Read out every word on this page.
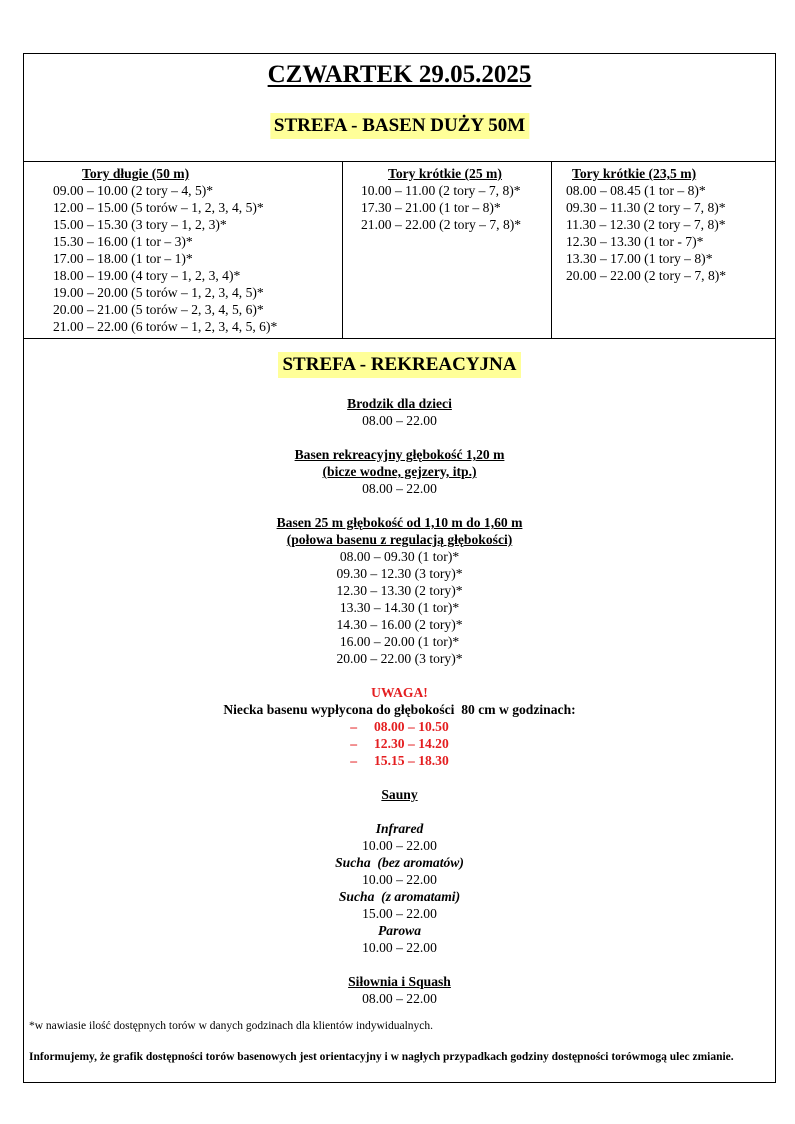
CZWARTEK 29.05.2025
STREFA - BASEN DUŻY 50M
Tory długie (50 m)
09.00 – 10.00 (2 tory – 4, 5)*
12.00 – 15.00 (5 torów – 1, 2, 3, 4, 5)*
15.00 – 15.30 (3 tory – 1, 2, 3)*
15.30 – 16.00 (1 tor – 3)*
17.00 – 18.00 (1 tor – 1)*
18.00 – 19.00 (4 tory – 1, 2, 3, 4)*
19.00 – 20.00 (5 torów – 1, 2, 3, 4, 5)*
20.00 – 21.00 (5 torów – 2, 3, 4, 5, 6)*
21.00 – 22.00 (6 torów – 1, 2, 3, 4, 5, 6)*
Tory krótkie (25 m)
10.00 – 11.00 (2 tory – 7, 8)*
17.30 – 21.00 (1 tor – 8)*
21.00 – 22.00 (2 tory – 7, 8)*
Tory krótkie (23,5 m)
08.00 – 08.45 (1 tor – 8)*
09.30 – 11.30 (2 tory – 7, 8)*
11.30 – 12.30 (2 tory – 7, 8)*
12.30 – 13.30 (1 tor - 7)*
13.30 – 17.00 (1 tory – 8)*
20.00 – 22.00 (2 tory – 7, 8)*
STREFA - REKREACYJNA
Brodzik dla dzieci
08.00 – 22.00
Basen rekreacyjny głębokość 1,20 m
(bicze wodne, gejzery, itp.)
08.00 – 22.00
Basen 25 m głębokość od 1,10 m do 1,60 m
(połowa basenu z regulacją głębokości)
08.00 – 09.30 (1 tor)*
09.30 – 12.30 (3 tory)*
12.30 – 13.30 (2 tory)*
13.30 – 14.30 (1 tor)*
14.30 – 16.00 (2 tory)*
16.00 – 20.00 (1 tor)*
20.00 – 22.00 (3 tory)*
UWAGA!
Niecka basenu wypłycona do głębokości  80 cm w godzinach:
–     08.00 – 10.50
–     12.30 – 14.20
–     15.15 – 18.30
Sauny
Infrared
10.00 – 22.00
Sucha  (bez aromatów)
10.00 – 22.00
Sucha  (z aromatami)
15.00 – 22.00
Parowa
10.00 – 22.00
Siłownia i Squash
08.00 – 22.00
*w nawiasie ilość dostępnych torów w danych godzinach dla klientów indywidualnych.
Informujemy, że grafik dostępności torów basenowych jest orientacyjny i w nagłych przypadkach godziny dostępności torówmogą ulec zmianie.
